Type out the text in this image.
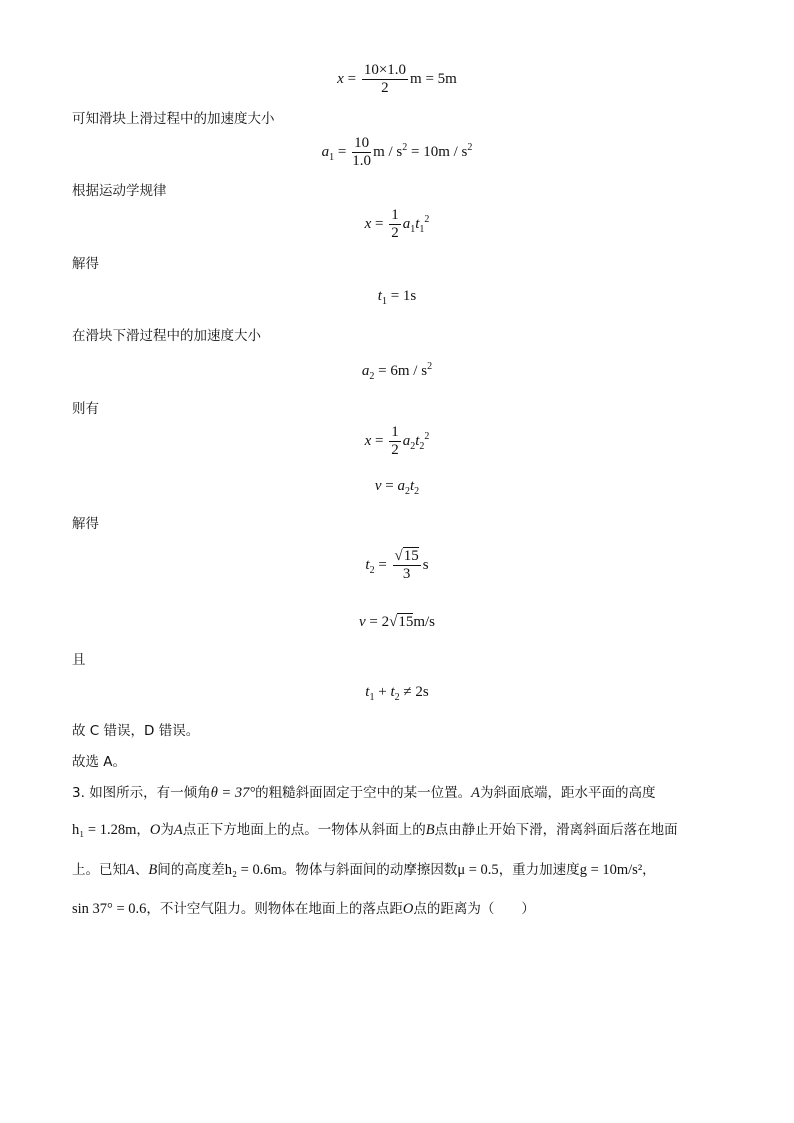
$x = \frac{10\times 1.0}{2}$ m = 5m
可知滑块上滑过程中的加速度大小
$a_1 = \frac{10}{1.0}$ $m / s^2 = 10m / s^2$
根据运动学规律
$x = \frac{1}{2} a_1t_1^2$
解得
$t_1 = 1s$
在滑块下滑过程中的加速度大小
$a_2 = 6m / s^2$
则有
$x = \frac{1}{2} a_2t_2^2$
$v = a_2t_2$
解得
$t_2 = \frac{√15}{3}$ s
v = 2√15m/s
且
$t_1 + t_2 \ne 2s$
故 C 错误，D 错误。
故选 A。
3. 如图所示，有一倾角θ = 37°的粗糙斜面固定于空中的某一位置。A为斜面底端，距水平面的高度
h₁ = 1.28m，O为A点正下方地面上的点。一物体从斜面上的B点由静止开始下滑，滑离斜面后落在地面
上。已知A、B间的高度差h₂ = 0.6m。物体与斜面间的动摩擦因数μ = 0.5，重力加速度g = 10m/s²，
sin 37° = 0.6，不计空气阻力。则物体在地面上的落点距O点的距离为（　　）
